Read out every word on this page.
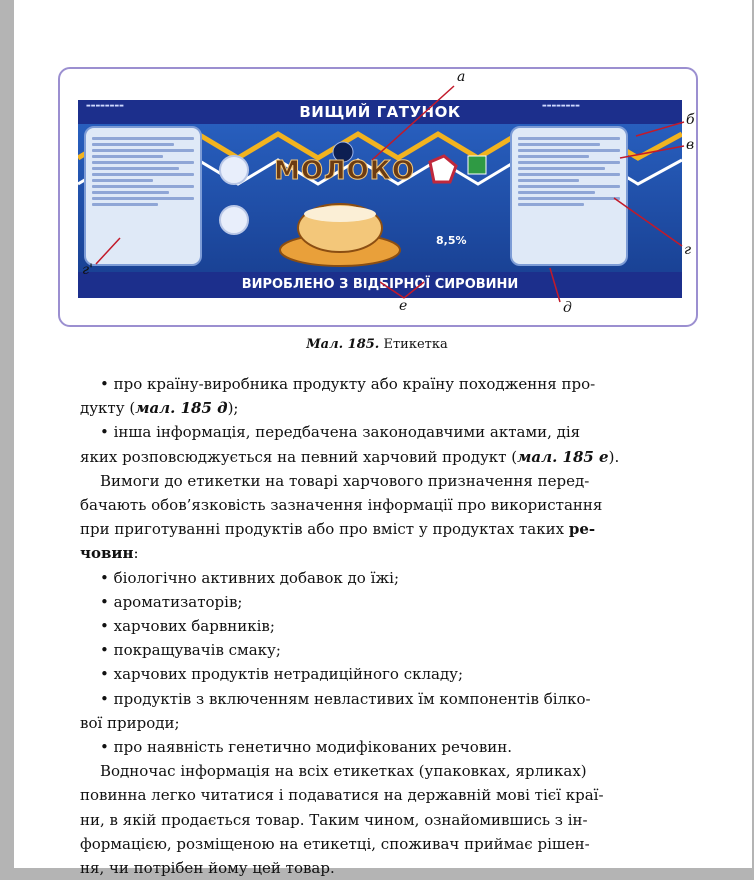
▬▬▬▬▬▬▬▬	ВИЩИЙ ГАТУНОК	▬▬▬▬▬▬▬▬
МОЛОКО
8,5%
ВИРОБЛЕНО З ВІДБІРНОЇ СИРОВИНИ
а
б
в
г
г'
д
е
Мал. 185. Етикетка

• про країну-виробника продукту або країну походження про-

дукту (мал. 185 д);

• інша інформація, передбачена законодавчими актами, дія

яких розповсюджується на певний харчовий продукт (мал. 185 е).

Вимоги до етикетки на товарі харчового призначення перед-

бачають обов’язковість зазначення інформації про використання

при приготуванні продуктів або про вміст у продуктах таких ре-

човин:

• біологічно активних добавок до їжі;

• ароматизаторів;

• харчових барвників;

• покращувачів смаку;

• харчових продуктів нетрадиційного складу;

• продуктів з включенням невластивих їм компонентів білко-

вої природи;

• про наявність генетично модифікованих речовин.

Водночас інформація на всіх етикетках (упаковках, ярликах)

повинна легко читатися і подаватися на державній мові тієї краї-

ни, в якій продається товар. Таким чином, ознайомившись з ін-

формацією, розміщеною на етикетці, споживач приймає рішен-

ня, чи потрібен йому цей товар.
